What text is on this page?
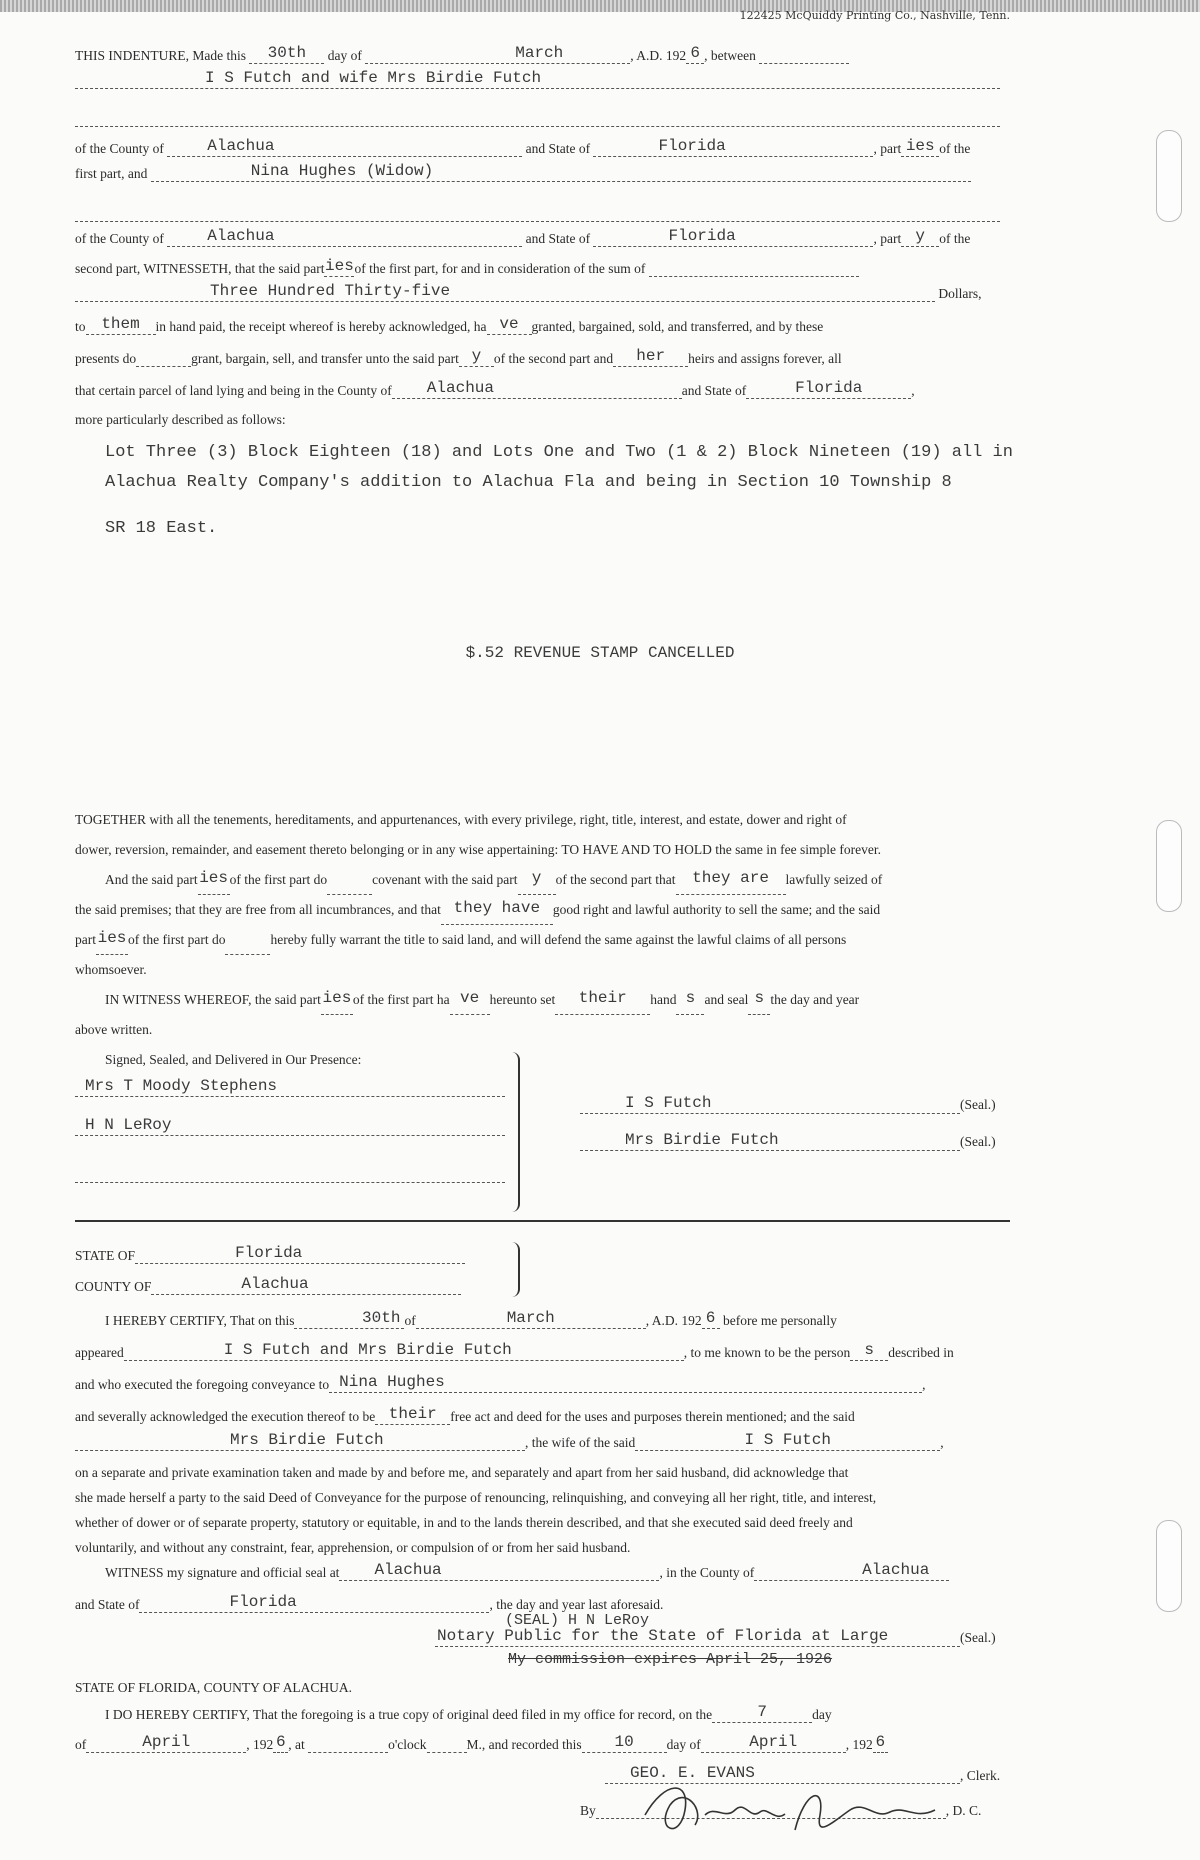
122425 McQuiddy Printing Co., Nashville, Tenn.
THIS INDENTURE, Made this	30th	day of	March	, A.D. 192 6 , between
I S Futch and wife Mrs Birdie Futch
of the County of	Alachua	and State of	Florida	, part ies of the
first part, and	Nina Hughes (Widow)
of the County of	Alachua	and State of	Florida	, part y	of the
second part, WITNESSETH, that the said part ies of the first part, for and in consideration of the sum of
Three Hundred Thirty-five	Dollars,
to them	in hand paid, the receipt whereof is hereby acknowledged, ha ve granted, bargained, sold, and transferred, and by these
presents do	grant, bargain, sell, and transfer unto the said part y of the second part and	her	heirs and assigns forever, all
that certain parcel of land lying and being in the County of	Alachua	and State of	Florida	,
more particularly described as follows:
Lot Three (3) Block Eighteen (18) and Lots One and Two (1 & 2) Block Nineteen (19) all in
Alachua Realty Company's addition to Alachua Fla and being in Section 10 Township 8
SR 18 East.
$.52 REVENUE STAMP CANCELLED
TOGETHER with all the tenements, hereditaments, and appurtenances, with every privilege, right, title, interest, and estate, dower and right of
dower, reversion, remainder, and easement thereto belonging or in any wise appertaining: TO HAVE AND TO HOLD the same in fee simple forever.
And the said part ies of the first part do	covenant with the said part y	of the second part that	they are	lawfully seized of
the said premises; that they are free from all incumbrances, and that they have good right and lawful authority to sell the same; and the said
part ies of the first part do	hereby fully warrant the title to said land, and will defend the same against the lawful claims of all persons
whomsoever.
IN WITNESS WHEREOF, the said part ies of the first part ha ve hereunto set	their	hand s and seal s the day and year
above written.
Signed, Sealed, and Delivered in Our Presence:
Mrs T Moody Stephens
H N LeRoy
I S Futch	(Seal.)
Mrs Birdie Futch	(Seal.)
STATE OF	Florida
COUNTY OF	Alachua
I HEREBY CERTIFY, That on this	30th of	March	, A.D. 192 6 before me personally
appeared	I S Futch and Mrs Birdie Futch	, to me known to be the person s	described in
and who executed the foregoing conveyance to Nina Hughes	,
and severally acknowledged the execution thereof to be their	free act and deed for the uses and purposes therein mentioned; and the said
Mrs Birdie Futch	, the wife of the said	I S Futch	,
on a separate and private examination taken and made by and before me, and separately and apart from her said husband, did acknowledge that
she made herself a party to the said Deed of Conveyance for the purpose of renouncing, relinquishing, and conveying all her right, title, and interest,
whether of dower or of separate property, statutory or equitable, in and to the lands therein described, and that she executed said deed freely and
voluntarily, and without any constraint, fear, apprehension, or compulsion of or from her said husband.
WITNESS my signature and official seal at	Alachua	, in the County of	Alachua
and State of	Florida	, the day and year last aforesaid.
(SEAL) H N LeRoy
Notary Public for the State of Florida at Large	(Seal.)
My commission expires April 25, 1926
STATE OF FLORIDA, COUNTY OF ALACHUA.
I DO HEREBY CERTIFY, That the foregoing is a true copy of original deed filed in my office for record, on the	7	day
of	April	, 192 6 , at	o'clock	M., and recorded this	10	day of	April	, 192 6
GEO. E. EVANS	, Clerk.
By	, D. C.
